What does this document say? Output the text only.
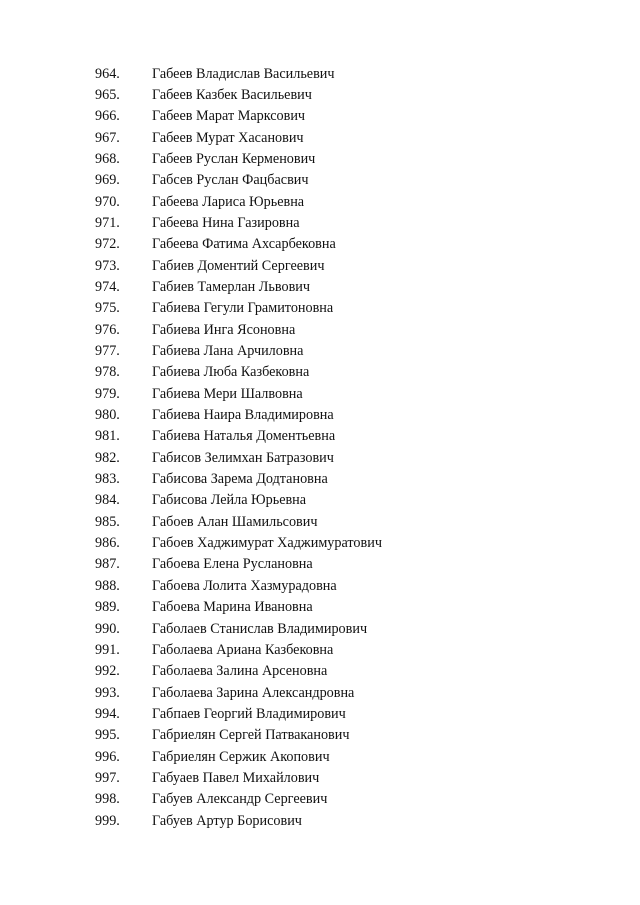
964.	Габеев Владислав Васильевич
965.	Габеев Казбек Васильевич
966.	Габеев Марат Марксович
967.	Габеев Мурат Хасанович
968.	Габеев Руслан Керменович
969.	Габсев Руслан Фацбасвич
970.	Габеева Лариса Юрьевна
971.	Габеева Нина Газировна
972.	Габеева Фатима Ахсарбековна
973.	Габиев Доментий Сергеевич
974.	Габиев Тамерлан Львович
975.	Габиева Гегули Грамитоновна
976.	Габиева Инга Ясоновна
977.	Габиева Лана Арчиловна
978.	Габиева Люба Казбековна
979.	Габиева Мери Шалвовна
980.	Габиева Наира Владимировна
981.	Габиева Наталья Доментьевна
982.	Габисов Зелимхан Батразович
983.	Габисова Зарема Додтановна
984.	Габисова Лейла Юрьевна
985.	Габоев Алан Шамильсович
986.	Габоев Хаджимурат Хаджимуратович
987.	Габоева Елена Руслановна
988.	Габоева Лолита Хазмурадовна
989.	Габоева Марина Ивановна
990.	Габолаев Станислав Владимирович
991.	Габолаева Ариана Казбековна
992.	Габолаева Залина Арсеновна
993.	Габолаева Зарина Александровна
994.	Габпаев Георгий Владимирович
995.	Габриелян Сергей Патваканович
996.	Габриелян Сержик Акопович
997.	Габуаев Павел Михайлович
998.	Габуев Александр Сергеевич
999.	Габуев Артур Борисович
